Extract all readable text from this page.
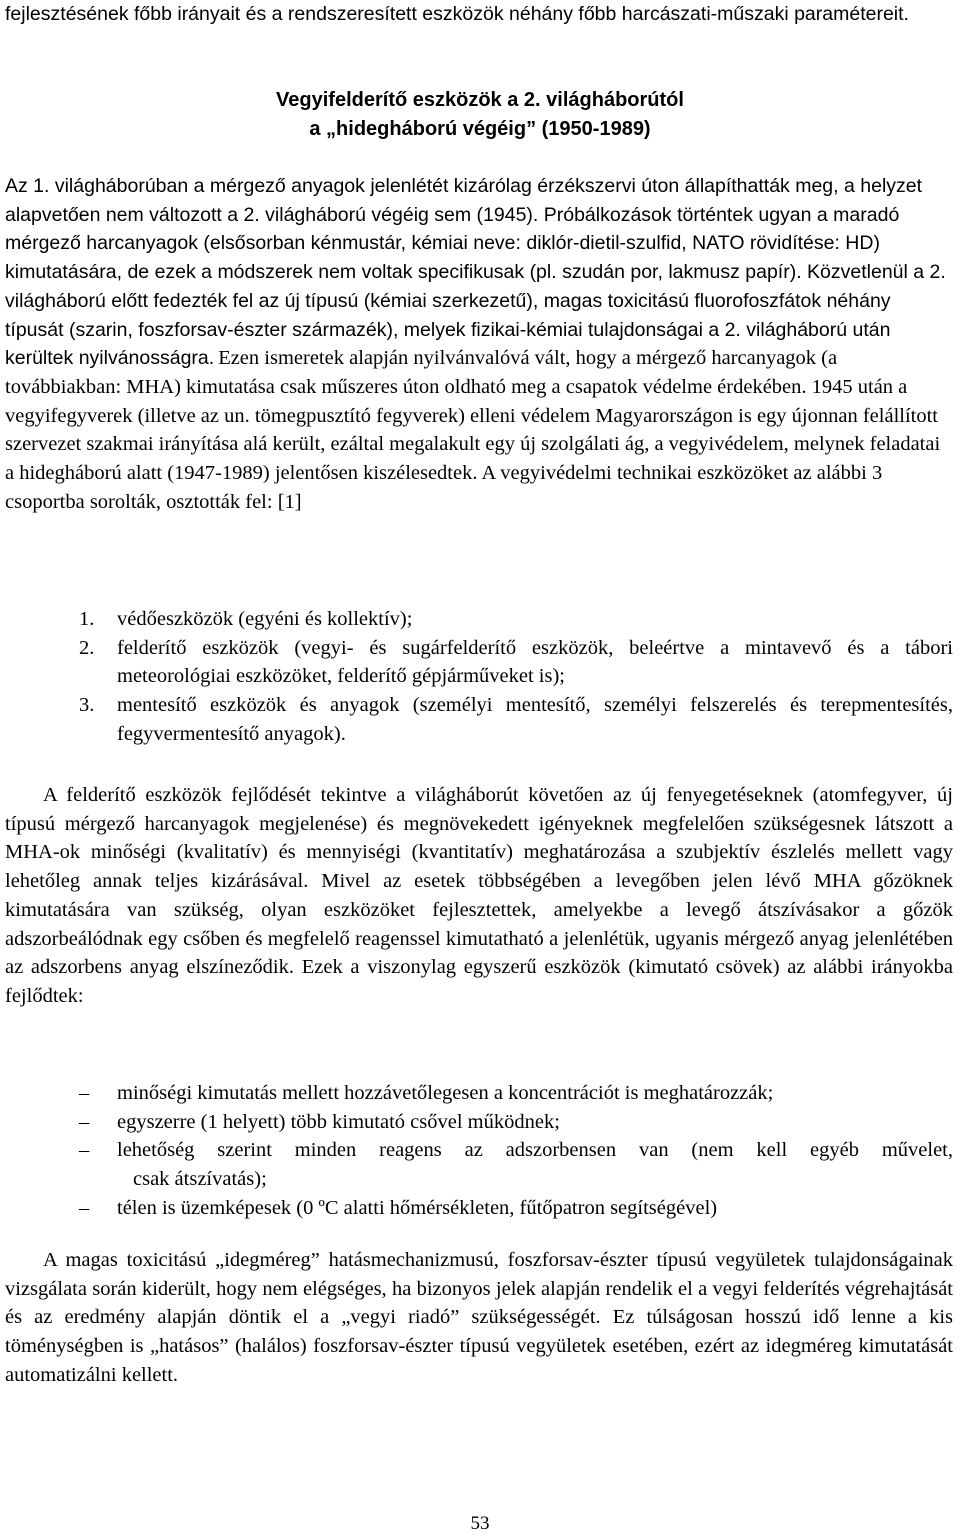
fejlesztésének főbb irányait és a rendszeresített eszközök néhány főbb harcászati-műszaki paramétereit.

Vegyifelderítő eszközök a 2. világháborútól
a „hidegháború végéig” (1950-1989)

Az 1. világháborúban a mérgező anyagok jelenlétét kizárólag érzékszervi úton állapíthatták meg, a helyzet alapvetően nem változott a 2. világháború végéig sem (1945). Próbálkozások történtek ugyan a maradó mérgező harcanyagok (elsősorban kénmustár, kémiai neve: diklór-dietil-szulfid, NATO rövidítése: HD) kimutatására, de ezek a módszerek nem voltak specifikusak (pl. szudán por, lakmusz papír). Közvetlenül a 2. világháború előtt fedezték fel az új típusú (kémiai szerkezetű), magas toxicitású fluorofoszfátok néhány típusát (szarin, foszforsav-észter származék), melyek fizikai-kémiai tulajdonságai a 2. világháború után kerültek nyilvánosságra. Ezen ismeretek alapján nyilvánvalóvá vált, hogy a mérgező harcanyagok (a továbbiakban: MHA) kimutatása csak műszeres úton oldható meg a csapatok védelme érdekében. 1945 után a vegyifegyverek (illetve az un. tömegpusztító fegyverek) elleni védelem Magyarországon is egy újonnan felállított szervezet szakmai irányítása alá került, ezáltal megalakult egy új szolgálati ág, a vegyivédelem, melynek feladatai a hidegháború alatt (1947-1989) jelentősen kiszélesedtek. A vegyivédelmi technikai eszközöket az alábbi 3 csoportba sorolták, osztották fel: [1]

1. védőeszközök (egyéni és kollektív);
2. felderítő eszközök (vegyi- és sugárfelderítő eszközök, beleértve a mintavevő és a tábori meteorológiai eszközöket, felderítő gépjárműveket is);
3. mentesítő eszközök és anyagok (személyi mentesítő, személyi felszerelés és terepmentesítés, fegyvermentesítő anyagok).

A felderítő eszközök fejlődését tekintve a világháborút követően az új fenyegetéseknek (atomfegyver, új típusú mérgező harcanyagok megjelenése) és megnövekedett igényeknek megfelelően szükségesnek látszott a MHA-ok minőségi (kvalitatív) és mennyiségi (kvantitatív) meghatározása a szubjektív észlelés mellett vagy lehetőleg annak teljes kizárásával. Mivel az esetek többségében a levegőben jelen lévő MHA gőzöknek kimutatására van szükség, olyan eszközöket fejlesztettek, amelyekbe a levegő átszívásakor a gőzök adszorbeálódnak egy csőben és megfelelő reagenssel kimutatható a jelenlétük, ugyanis mérgező anyag jelenlétében az adszorbens anyag elszíneződik. Ezek a viszonylag egyszerű eszközök (kimutató csövek) az alábbi irányokba fejlődtek:

– minőségi kimutatás mellett hozzávetőlegesen a koncentrációt is meghatározzák;
– egyszerre (1 helyett) több kimutató csővel működnek;
– lehetőség szerint minden reagens az adszorbensen van (nem kell egyéb művelet,
csak átszívatás);
– télen is üzemképesek (0 ºC alatti hőmérsékleten, fűtőpatron segítségével)

A magas toxicitású „idegméreg” hatásmechanizmusú, foszforsav-észter típusú vegyületek tulajdonságainak vizsgálata során kiderült, hogy nem elégséges, ha bizonyos jelek alapján rendelik el a vegyi felderítés végrehajtását és az eredmény alapján döntik el a „vegyi riadó” szükségességét. Ez túlságosan hosszú idő lenne a kis töménységben is „hatásos” (halálos) foszforsav-észter típusú vegyületek esetében, ezért az idegméreg kimutatását automatizálni kellett.

53
